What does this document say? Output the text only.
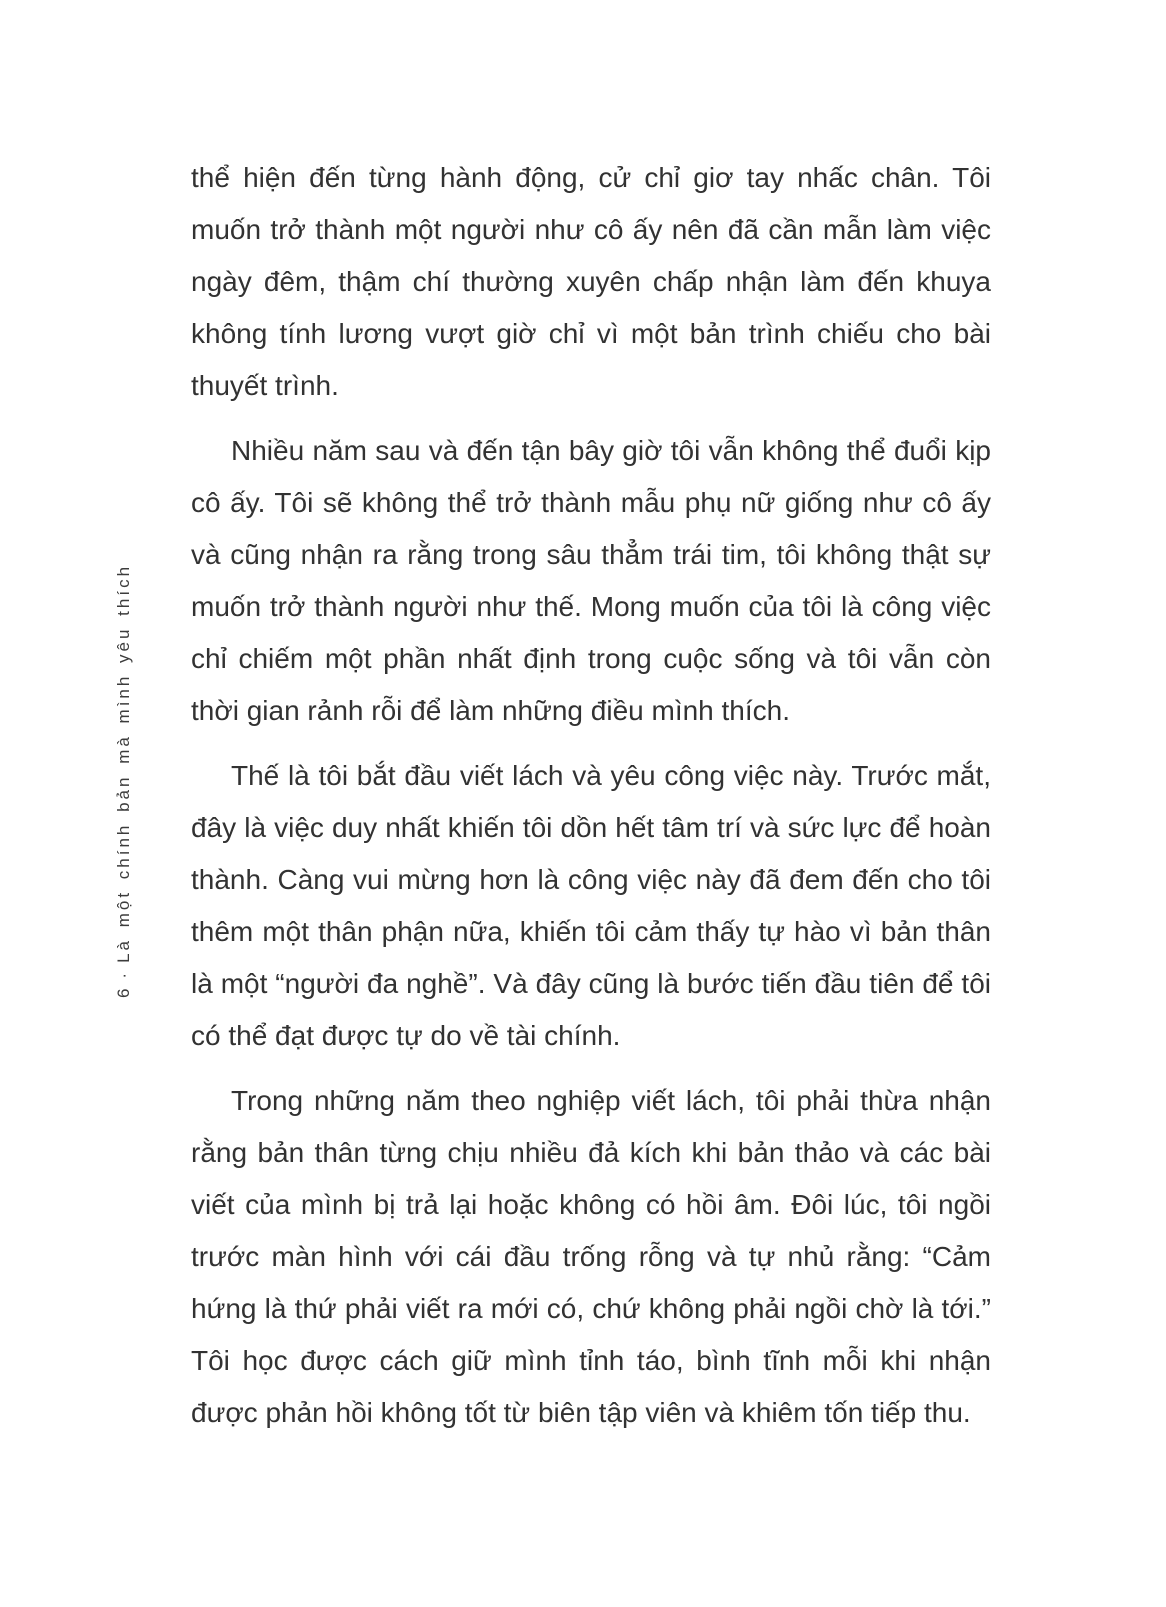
6·Là một chính bản mà mình yêu thích

thể hiện đến từng hành động, cử chỉ giơ tay nhấc chân. Tôi muốn trở thành một người như cô ấy nên đã cần mẫn làm việc ngày đêm, thậm chí thường xuyên chấp nhận làm đến khuya không tính lương vượt giờ chỉ vì một bản trình chiếu cho bài thuyết trình.

Nhiều năm sau và đến tận bây giờ tôi vẫn không thể đuổi kịp cô ấy. Tôi sẽ không thể trở thành mẫu phụ nữ giống như cô ấy và cũng nhận ra rằng trong sâu thẳm trái tim, tôi không thật sự muốn trở thành người như thế. Mong muốn của tôi là công việc chỉ chiếm một phần nhất định trong cuộc sống và tôi vẫn còn thời gian rảnh rỗi để làm những điều mình thích.

Thế là tôi bắt đầu viết lách và yêu công việc này. Trước mắt, đây là việc duy nhất khiến tôi dồn hết tâm trí và sức lực để hoàn thành. Càng vui mừng hơn là công việc này đã đem đến cho tôi thêm một thân phận nữa, khiến tôi cảm thấy tự hào vì bản thân là một “người đa nghề”. Và đây cũng là bước tiến đầu tiên để tôi có thể đạt được tự do về tài chính.

Trong những năm theo nghiệp viết lách, tôi phải thừa nhận rằng bản thân từng chịu nhiều đả kích khi bản thảo và các bài viết của mình bị trả lại hoặc không có hồi âm. Đôi lúc, tôi ngồi trước màn hình với cái đầu trống rỗng và tự nhủ rằng: “Cảm hứng là thứ phải viết ra mới có, chứ không phải ngồi chờ là tới.” Tôi học được cách giữ mình tỉnh táo, bình tĩnh mỗi khi nhận được phản hồi không tốt từ biên tập viên và khiêm tốn tiếp thu.
